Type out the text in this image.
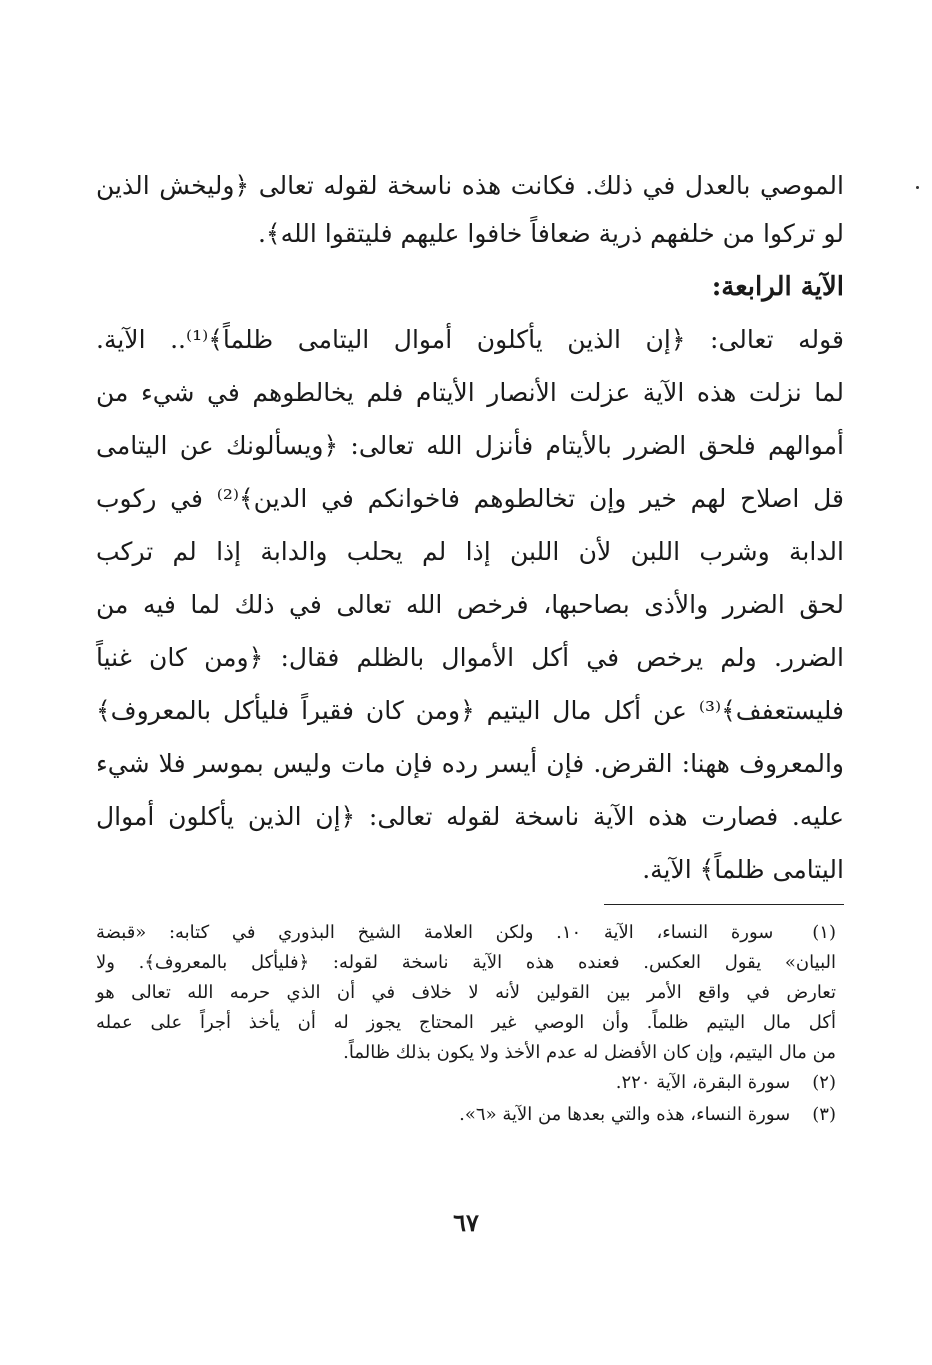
الموصي بالعدل في ذلك. فكانت هذه ناسخة لقوله تعالى ﴿وليخش الذين
لو تركوا من خلفهم ذرية ضعافاً خافوا عليهم فليتقوا الله﴾.
الآية الرابعة:
قوله تعالى: ﴿إن الذين يأكلون أموال اليتامى ظلماً﴾⁽¹⁾.. الآية.
لما نزلت هذه الآية عزلت الأنصار الأيتام فلم يخالطوهم في شيء من
أموالهم فلحق الضرر بالأيتام فأنزل الله تعالى: ﴿ويسألونك عن اليتامى
قل اصلاح لهم خير وإن تخالطوهم فاخوانكم في الدين﴾⁽²⁾ في ركوب
الدابة وشرب اللبن لأن اللبن إذا لم يحلب والدابة إذا لم تركب
لحق الضرر والأذى بصاحبها، فرخص الله تعالى في ذلك لما فيه من
الضرر. ولم يرخص في أكل الأموال بالظلم فقال: ﴿ومن كان غنياً
فليستعفف﴾⁽³⁾ عن أكل مال اليتيم ﴿ومن كان فقيراً فليأكل بالمعروف﴾
والمعروف ههنا: القرض. فإن أيسر رده فإن مات وليس بموسر فلا شيء
عليه. فصارت هذه الآية ناسخة لقوله تعالى: ﴿إن الذين يأكلون أموال
اليتامى ظلماً﴾ الآية.
(١) سورة النساء، الآية ١٠. ولكن العلامة الشيخ البذوري في كتابه: «قبضة
البيان» يقول العكس. فعنده هذه الآية ناسخة لقوله: ﴿فليأكل بالمعروف﴾. ولا
تعارض في واقع الأمر بين القولين لأنه لا خلاف في أن الذي حرمه الله تعالى هو
أكل مال اليتيم ظلماً. وأن الوصي غير المحتاج يجوز له أن يأخذ أجراً على عمله
من مال اليتيم، وإن كان الأفضل له عدم الأخذ ولا يكون بذلك ظالماً.
(٢) سورة البقرة، الآية ٢٢٠.
(٣) سورة النساء، هذه والتي بعدها من الآية «٦».
٦٧
